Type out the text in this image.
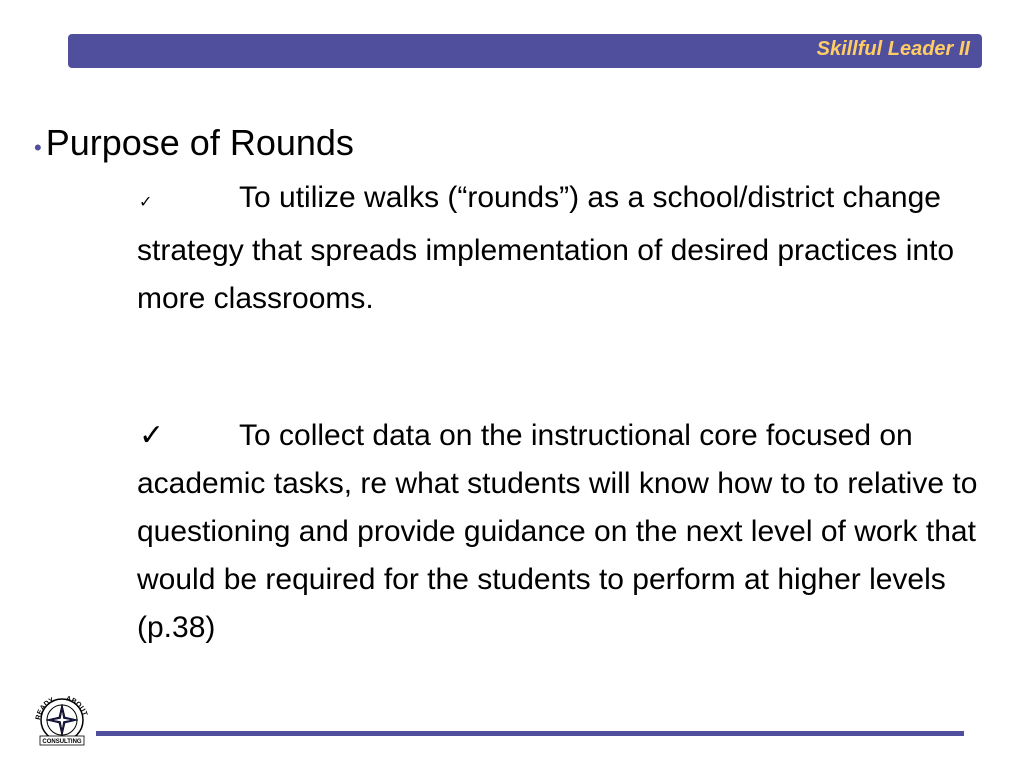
Skillful Leader II
• Purpose of Rounds
✓	To utilize walks (“rounds”) as a school/district change strategy that spreads implementation of desired practices into more classrooms.
✓ To collect data on the instructional core focused on academic tasks, re what students will know how to to relative to questioning and provide guidance on the next level of work that would be required for the students to perform at higher levels (p.38)
READY ABOUT
CONSULTING
